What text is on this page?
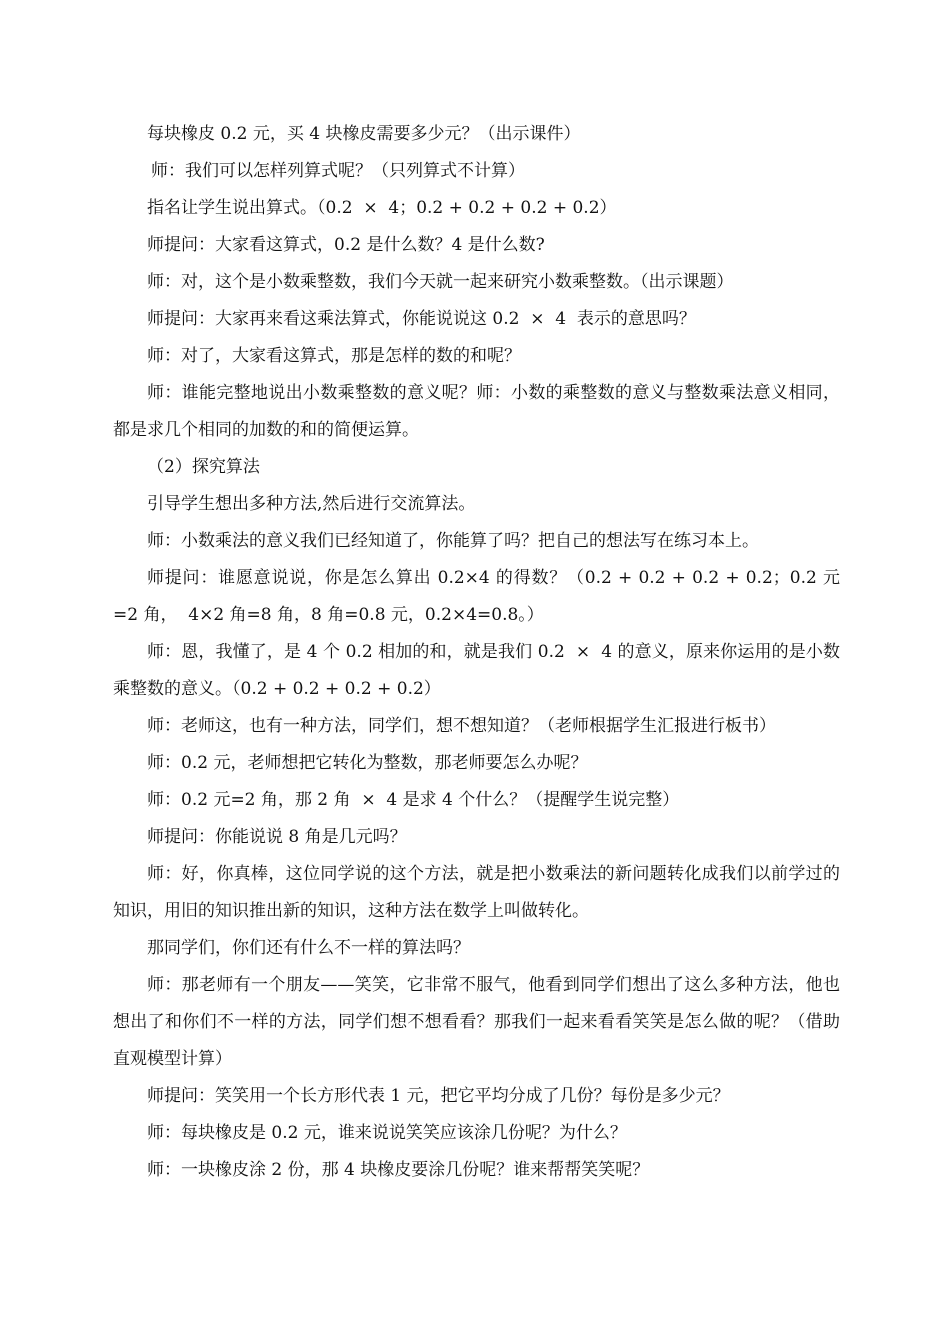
每块橡皮 0.2 元，买 4 块橡皮需要多少元？（出示课件）

师：我们可以怎样列算式呢？（只列算式不计算）

指名让学生说出算式。（0.2  ×  4；0.2 + 0.2 + 0.2 + 0.2）

师提问：大家看这算式，0.2 是什么数？4 是什么数?

师：对，这个是小数乘整数，我们今天就一起来研究小数乘整数。（出示课题）

师提问：大家再来看这乘法算式，你能说说这 0.2  ×  4  表示的意思吗？

师：对了，大家看这算式，那是怎样的数的和呢？

师：谁能完整地说出小数乘整数的意义呢？师：小数的乘整数的意义与整数乘法意义相同，都是求几个相同的加数的和的简便运算。

（2）探究算法

引导学生想出多种方法,然后进行交流算法。

师：小数乘法的意义我们已经知道了，你能算了吗？把自己的想法写在练习本上。

师提问：谁愿意说说，你是怎么算出 0.2×4 的得数？（0.2 + 0.2 + 0.2 + 0.2；0.2 元=2 角，  4×2 角=8 角，8 角=0.8 元，0.2×4=0.8。）

师：恩，我懂了，是 4 个 0.2 相加的和，就是我们 0.2  ×  4 的意义，原来你运用的是小数乘整数的意义。（0.2 + 0.2 + 0.2 + 0.2）

师：老师这，也有一种方法，同学们，想不想知道？（老师根据学生汇报进行板书）

师：0.2 元，老师想把它转化为整数，那老师要怎么办呢？

师：0.2 元=2 角，那 2 角  ×  4 是求 4 个什么？（提醒学生说完整）

师提问：你能说说 8 角是几元吗？

师：好，你真棒，这位同学说的这个方法，就是把小数乘法的新问题转化成我们以前学过的知识，用旧的知识推出新的知识，这种方法在数学上叫做转化。

那同学们，你们还有什么不一样的算法吗？

师：那老师有一个朋友——笑笑，它非常不服气，他看到同学们想出了这么多种方法，他也想出了和你们不一样的方法，同学们想不想看看？那我们一起来看看笑笑是怎么做的呢？（借助直观模型计算）

师提问：笑笑用一个长方形代表 1 元，把它平均分成了几份？每份是多少元？

师：每块橡皮是 0.2 元，谁来说说笑笑应该涂几份呢？为什么？

师：一块橡皮涂 2 份，那 4 块橡皮要涂几份呢？谁来帮帮笑笑呢？
